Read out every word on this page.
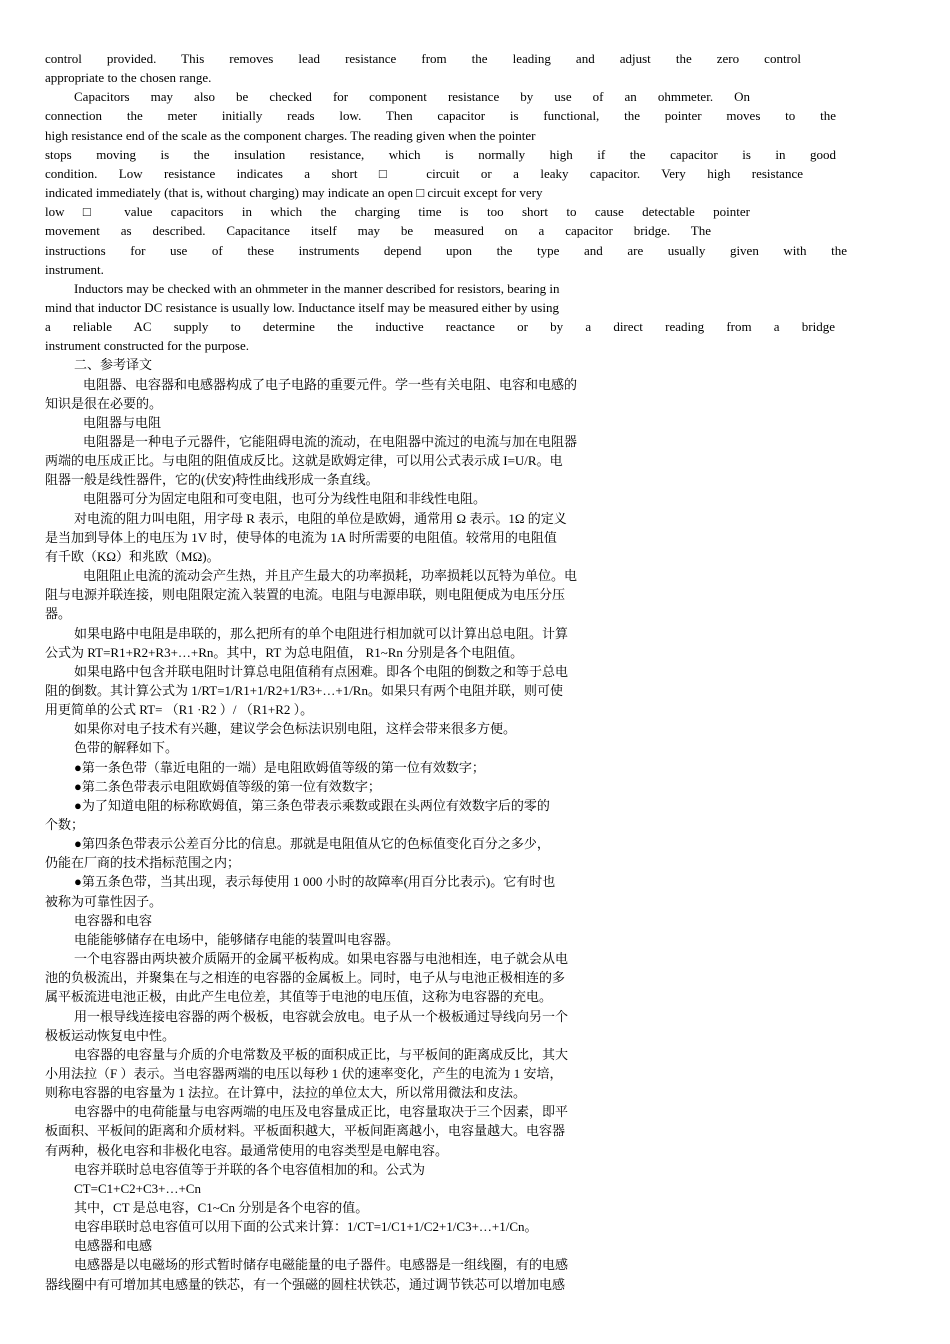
control provided. This removes lead resistance from the leading and adjust the zero control
appropriate to the chosen range.
Capacitors may also be checked for component resistance by use of an ohmmeter. On
connection the meter initially reads low. Then capacitor is functional, the pointer moves to the
high resistance end of the scale as the component charges. The reading given when the pointer
stops moving is the insulation resistance, which is normally high if the capacitor is in good
condition. Low resistance indicates a short □ circuit or a leaky capacitor. Very high resistance
indicated immediately (that is, without charging) may indicate an open □ circuit except for very
low □ value capacitors in which the charging time is too short to cause detectable pointer
movement as described. Capacitance itself may be measured on a capacitor bridge. The
instructions for use of these instruments depend upon the type and are usually given with the
instrument.
Inductors may be checked with an ohmmeter in the manner described for resistors, bearing in
mind that inductor DC resistance is usually low. Inductance itself may be measured either by using
a reliable AC supply to determine the inductive reactance or by a direct reading from a bridge
instrument constructed for the purpose.
二、参考译文
电阻器、电容器和电感器构成了电子电路的重要元件。学一些有关电阻、电容和电感的
知识是很在必要的。
电阻器与电阻
电阻器是一种电子元器件，它能阻碍电流的流动，在电阻器中流过的电流与加在电阻器
两端的电压成正比。与电阻的阻值成反比。这就是欧姆定律，可以用公式表示成 I=U/R。电
阻器一般是线性器件，它的(伏安)特性曲线形成一条直线。
电阻器可分为固定电阻和可变电阻，也可分为线性电阻和非线性电阻。
对电流的阻力叫电阻，用字母 R 表示，电阻的单位是欧姆，通常用 Ω 表示。1Ω 的定义
是当加到导体上的电压为 1V 时，使导体的电流为 1A 时所需要的电阻值。较常用的电阻值
有千欧（KΩ）和兆欧（MΩ)。
电阻阻止电流的流动会产生热，并且产生最大的功率损耗，功率损耗以瓦特为单位。电
阻与电源并联连接，则电阻限定流入装置的电流。电阻与电源串联，则电阻便成为电压分压
器。
如果电路中电阻是串联的，那么把所有的单个电阻进行相加就可以计算出总电阻。计算
公式为 RT=R1+R2+R3+…+Rn。其中，RT 为总电阻值， R1~Rn 分别是各个电阻值。
如果电路中包含并联电阻时计算总电阻值稍有点困难。即各个电阻的倒数之和等于总电
阻的倒数。其计算公式为 1/RT=1/R1+1/R2+1/R3+…+1/Rn。如果只有两个电阻并联，则可使
用更简单的公式 RT= （R1 ·R2 ）/ （R1+R2 ）。
如果你对电子技术有兴趣，建议学会色标法识别电阻，这样会带来很多方便。
色带的解释如下。
●第一条色带（靠近电阻的一端）是电阻欧姆值等级的第一位有效数字；
●第二条色带表示电阻欧姆值等级的第一位有效数字；
●为了知道电阻的标称欧姆值，第三条色带表示乘数或跟在头两位有效数字后的零的
个数；
●第四条色带表示公差百分比的信息。那就是电阻值从它的色标值变化百分之多少，
仍能在厂商的技术指标范围之内；
●第五条色带，当其出现，表示每使用 1 000 小时的故障率(用百分比表示)。它有时也
被称为可靠性因子。
电容器和电容
电能能够储存在电场中，能够储存电能的装置叫电容器。
一个电容器由两块被介质隔开的金属平板构成。如果电容器与电池相连，电子就会从电
池的负极流出，并聚集在与之相连的电容器的金属板上。同时，电子从与电池正极相连的多
属平板流进电池正极，由此产生电位差，其值等于电池的电压值，这称为电容器的充电。
用一根导线连接电容器的两个极板，电容就会放电。电子从一个极板通过导线向另一个
极板运动恢复电中性。
电容器的电容量与介质的介电常数及平板的面积成正比，与平板间的距离成反比，其大
小用法拉（F ）表示。当电容器两端的电压以每秒 1 伏的速率变化，产生的电流为 1 安培，
则称电容器的电容量为 1 法拉。在计算中，法拉的单位太大，所以常用微法和皮法。
电容器中的电荷能量与电容两端的电压及电容量成正比，电容量取决于三个因素，即平
板面积、平板间的距离和介质材料。平板面积越大，平板间距离越小，电容量越大。电容器
有两种，极化电容和非极化电容。最通常使用的电容类型是电解电容。
电容并联时总电容值等于并联的各个电容值相加的和。公式为
CT=C1+C2+C3+…+Cn
其中，CT 是总电容，C1~Cn 分别是各个电容的值。
电容串联时总电容值可以用下面的公式来计算：1/CT=1/C1+1/C2+1/C3+…+1/Cn。
电感器和电感
电感器是以电磁场的形式暂时储存电磁能量的电子器件。电感器是一组线圈，有的电感
器线圈中有可增加其电感量的铁芯，有一个强磁的圆柱状铁芯，通过调节铁芯可以增加电感
